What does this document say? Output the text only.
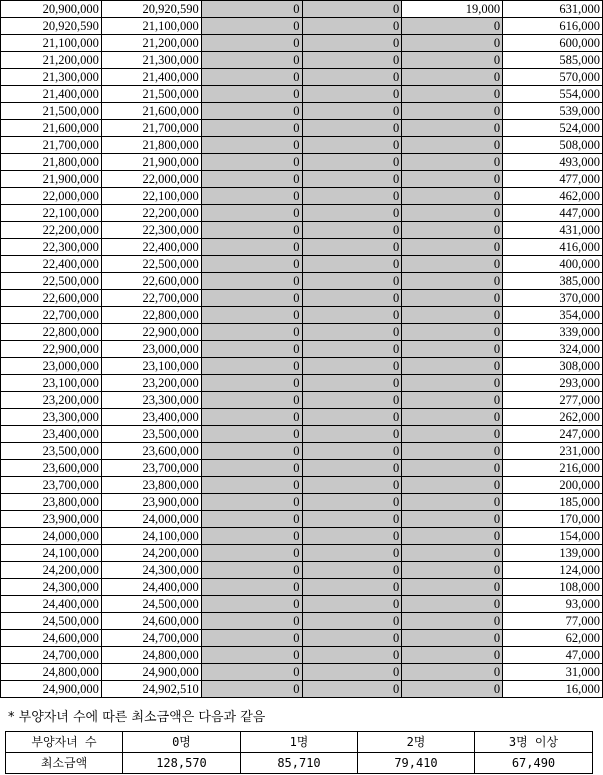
20,900,000	20,920,590	0	0	19,000	631,000
20,920,590	21,100,000	0	0	0	616,000
21,100,000	21,200,000	0	0	0	600,000
21,200,000	21,300,000	0	0	0	585,000
21,300,000	21,400,000	0	0	0	570,000
21,400,000	21,500,000	0	0	0	554,000
21,500,000	21,600,000	0	0	0	539,000
21,600,000	21,700,000	0	0	0	524,000
21,700,000	21,800,000	0	0	0	508,000
21,800,000	21,900,000	0	0	0	493,000
21,900,000	22,000,000	0	0	0	477,000
22,000,000	22,100,000	0	0	0	462,000
22,100,000	22,200,000	0	0	0	447,000
22,200,000	22,300,000	0	0	0	431,000
22,300,000	22,400,000	0	0	0	416,000
22,400,000	22,500,000	0	0	0	400,000
22,500,000	22,600,000	0	0	0	385,000
22,600,000	22,700,000	0	0	0	370,000
22,700,000	22,800,000	0	0	0	354,000
22,800,000	22,900,000	0	0	0	339,000
22,900,000	23,000,000	0	0	0	324,000
23,000,000	23,100,000	0	0	0	308,000
23,100,000	23,200,000	0	0	0	293,000
23,200,000	23,300,000	0	0	0	277,000
23,300,000	23,400,000	0	0	0	262,000
23,400,000	23,500,000	0	0	0	247,000
23,500,000	23,600,000	0	0	0	231,000
23,600,000	23,700,000	0	0	0	216,000
23,700,000	23,800,000	0	0	0	200,000
23,800,000	23,900,000	0	0	0	185,000
23,900,000	24,000,000	0	0	0	170,000
24,000,000	24,100,000	0	0	0	154,000
24,100,000	24,200,000	0	0	0	139,000
24,200,000	24,300,000	0	0	0	124,000
24,300,000	24,400,000	0	0	0	108,000
24,400,000	24,500,000	0	0	0	93,000
24,500,000	24,600,000	0	0	0	77,000
24,600,000	24,700,000	0	0	0	62,000
24,700,000	24,800,000	0	0	0	47,000
24,800,000	24,900,000	0	0	0	31,000
24,900,000	24,902,510	0	0	0	16,000
* 부양자녀 수에 따른 최소금액은 다음과 같음
부양자녀 수	0명	1명	2명	3명 이상
최소금액	128,570	85,710	79,410	67,490
